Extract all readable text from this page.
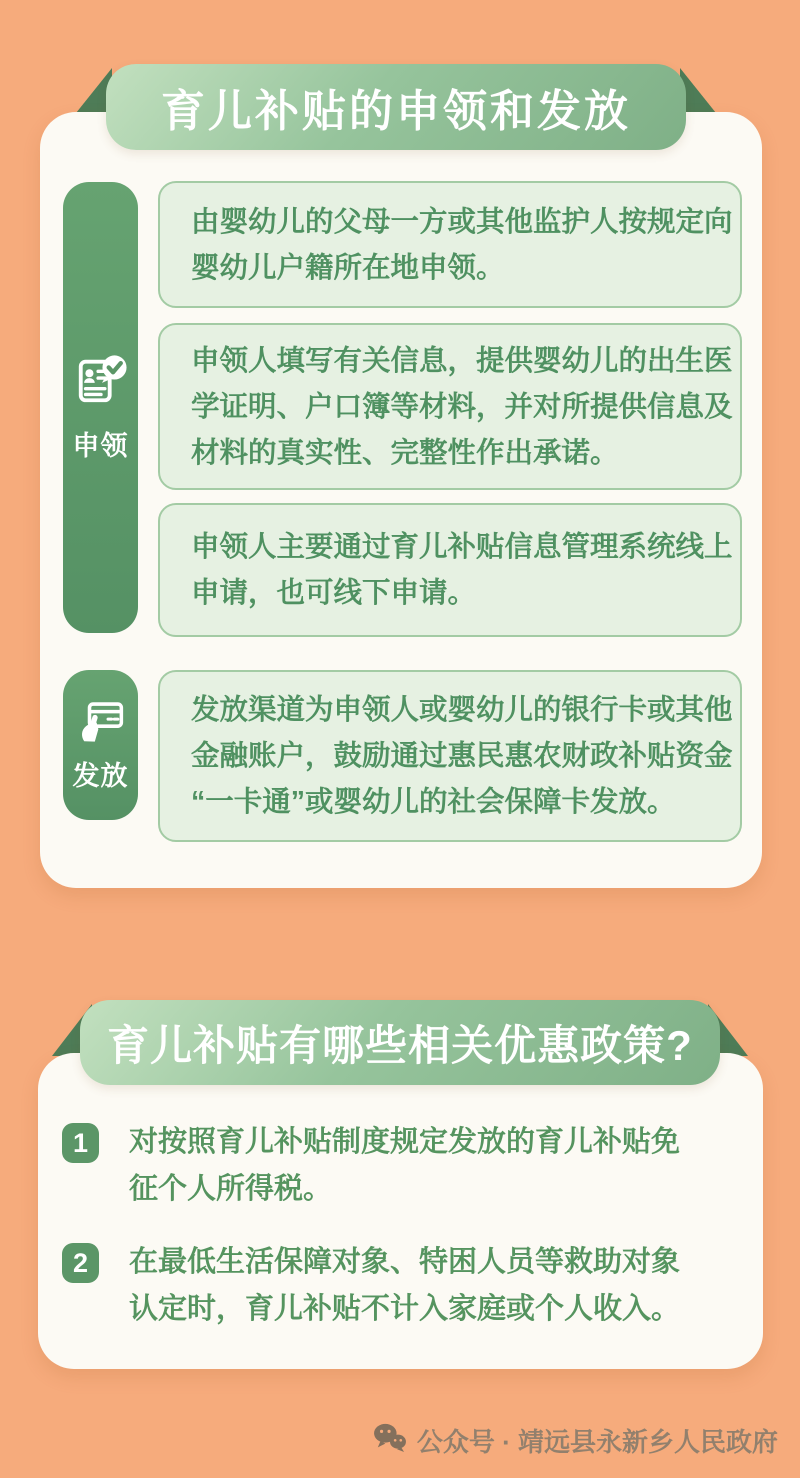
育儿补贴的申领和发放
申领
由婴幼儿的父母一方或其他监护人按规定向
婴幼儿户籍所在地申领。
申领人填写有关信息，提供婴幼儿的出生医
学证明、户口簿等材料，并对所提供信息及
材料的真实性、完整性作出承诺。
申领人主要通过育儿补贴信息管理系统线上
申请，也可线下申请。
发放
发放渠道为申领人或婴幼儿的银行卡或其他
金融账户，鼓励通过惠民惠农财政补贴资金
“一卡通”或婴幼儿的社会保障卡发放。
育儿补贴有哪些相关优惠政策?
1	对按照育儿补贴制度规定发放的育儿补贴免
征个人所得税。
2	在最低生活保障对象、特困人员等救助对象
认定时，育儿补贴不计入家庭或个人收入。
公众号 · 靖远县永新乡人民政府
